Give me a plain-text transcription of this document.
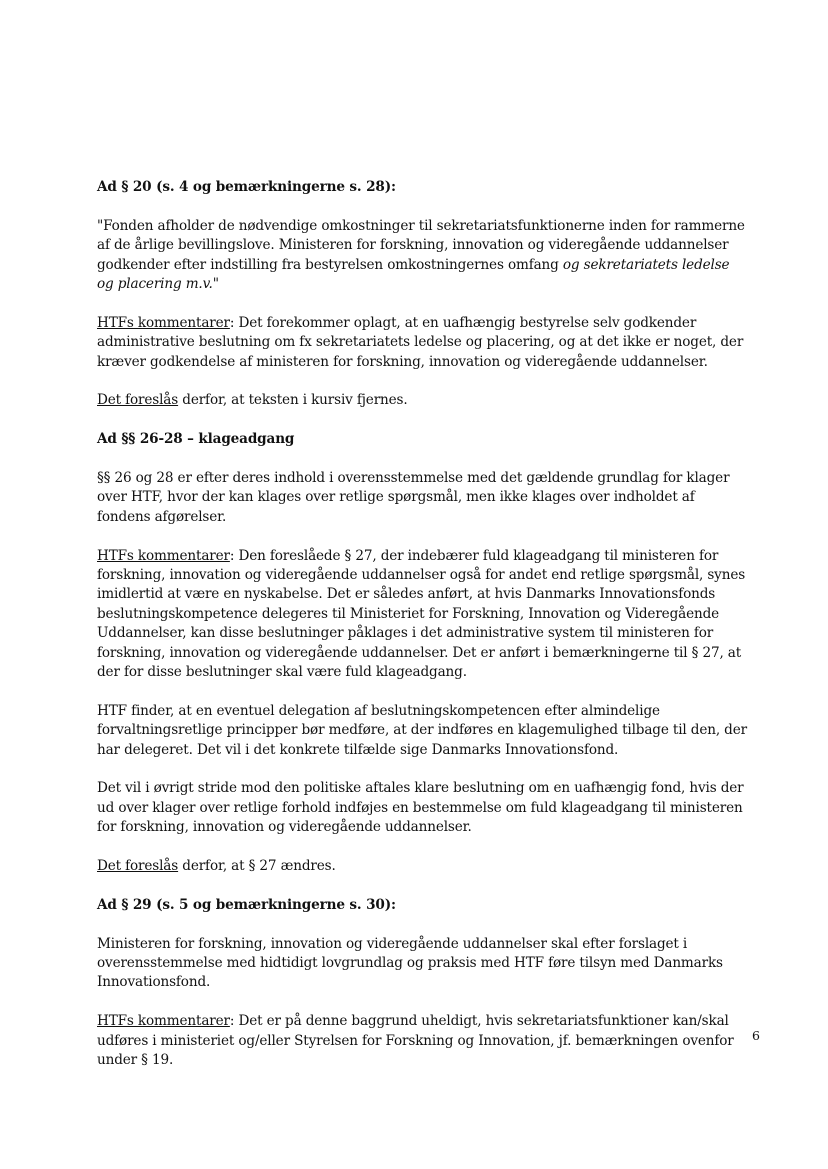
Ad § 20 (s. 4 og bemærkningerne s. 28):

"Fonden afholder de nødvendige omkostninger til sekretariatsfunktionerne inden for rammerne af de årlige bevillingslove. Ministeren for forskning, innovation og videregående uddannelser godkender efter indstilling fra bestyrelsen omkostningernes omfang og sekretariatets ledelse og placering m.v."

HTFs kommentarer: Det forekommer oplagt, at en uafhængig bestyrelse selv godkender administrative beslutning om fx sekretariatets ledelse og placering, og at det ikke er noget, der kræver godkendelse af ministeren for forskning, innovation og videregående uddannelser.

Det foreslås derfor, at teksten i kursiv fjernes.

Ad §§ 26-28 – klageadgang

§§ 26 og 28 er efter deres indhold i overensstemmelse med det gældende grundlag for klager over HTF, hvor der kan klages over retlige spørgsmål, men ikke klages over indholdet af fondens afgørelser.

HTFs kommentarer: Den foreslåede § 27, der indebærer fuld klageadgang til ministeren for forskning, innovation og videregående uddannelser også for andet end retlige spørgsmål, synes imidlertid at være en nyskabelse. Det er således anført, at hvis Danmarks Innovationsfonds beslutningskompetence delegeres til Ministeriet for Forskning, Innovation og Videregående Uddannelser, kan disse beslutninger påklages i det administrative system til ministeren for forskning, innovation og videregående uddannelser. Det er anført i bemærkningerne til § 27, at der for disse beslutninger skal være fuld klageadgang.

HTF finder, at en eventuel delegation af beslutningskompetencen efter almindelige forvaltningsretlige principper bør medføre, at der indføres en klagemulighed tilbage til den, der har delegeret. Det vil i det konkrete tilfælde sige Danmarks Innovationsfond.

Det vil i øvrigt stride mod den politiske aftales klare beslutning om en uafhængig fond, hvis der ud over klager over retlige forhold indføjes en bestemmelse om fuld klageadgang til ministeren for forskning, innovation og videregående uddannelser.

Det foreslås derfor, at § 27 ændres.

Ad § 29 (s. 5 og bemærkningerne s. 30):

Ministeren for forskning, innovation og videregående uddannelser skal efter forslaget i overensstemmelse med hidtidigt lovgrundlag og praksis med HTF føre tilsyn med Danmarks Innovationsfond.

HTFs kommentarer: Det er på denne baggrund uheldigt, hvis sekretariatsfunktioner kan/skal udføres i ministeriet og/eller Styrelsen for Forskning og Innovation, jf. bemærkningen ovenfor under § 19.

6
